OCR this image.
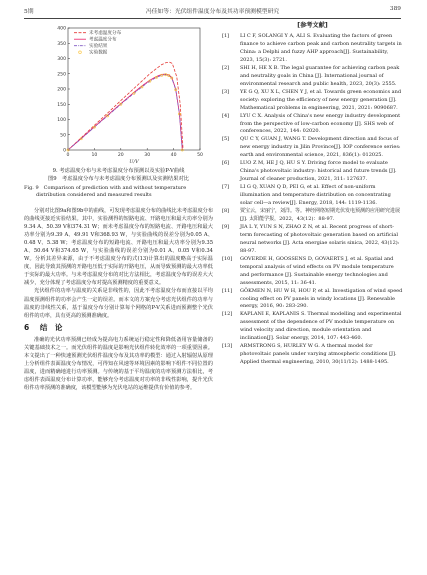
5期	冯佳如等：光伏组件温度分布及其功率预测模型研究	389
0
50
100
150
200
250
300
350
400
0	10	20	30	40	50
U/V
未考虑温度分布
考虑温度分布
实验结果
实验数据

9. 考虑温度分布与未考虑温度分布预测以及实验P-V曲线

图9　考虑温度分布与未考虑温度分布预测以及实测结果对比

Fig. 9　Comparison of prediction with and without temperature

distribution considered and measured results

分别对比图9a和图9b中的曲线，可发现考虑温度分布的曲线比未考虑温度分布的曲线更接近实验结果。其中，实验测得的短路电流、开路电压和最大功率分别为9.34 A、50.39 V和374.31 W；而未考虑温度分布的短路电流、开路电压和最大功率分别为9.39 A、49.91 V和368.93 W，与实验曲线的误差分别为0.05 A、0.48 V、5.38 W；考虑温度分布的短路电流、开路电压和最大功率分别为9.35 A、50.64 V和374.65 W，与实验曲线的误差分别为0.01 A、0.05 V和0.34 W。分析其差异来源，由于不考虑温度分布的式(13)计算出的温度略高于实际温度，因此导致其预测的开路电压低于实际的开路电压，从而导致预测的最大功率低于实际的最大功率。与未考虑温度分布的对比方法相比，考虑温度分布的误差大大减少，充分体现了考虑温度分布对提高预测精度的重要意义。

光伏组件的功率与温度的关系是非线性的，因此不考虑温度分布而直接以平均温度预测组件的功率会产生一定的误差。而本文的方案充分考虑光伏组件的功率与温度的非线性关系，基于温度分布分别计算每个网格的P-V关系进而预测整个光伏组件的功率，具有更高的预测准确度。

6 结　论

准确的光伏功率预测已经成为提高电力系统运行稳定性和降低备用容量储备的关键基础技术之一。而光伏组件的温度是影响光伏组件转化效率的一项重要因素。本文提出了一种快速预测光伏组件温度分布及其功率的模型：通过入射辐射从原理上分析组件表面温度分布情况，可得知在风速等环境因素的影响下组件不同位置的温度，进而精确地进行功率预测。与传统的基于平均温度的功率预测方法相比，考虑组件表面温度分布计算功率，能够充分考虑温度对功率的非线性影响，提升光伏组件功率预测的准确度，该模型能够为光伏电站的运维提供有价值的参考。

[参考文献]

[1] LI C F, SOLANGI Y A, ALI S. Evaluating the factors of green finance to achieve carbon peak and carbon neutrality targets in China: a Delphi and fuzzy AHP approach[J]. Sustainability, 2023, 15(3): 2721.

[2] SHI H, HE X B. The legal guarantee for achieving carbon peak and neutrality goals in China [J]. International journal of environmental research and public health, 2023, 20(3): 2555.

[3] YE G Q, XU X L, CHEN Y J, et al. Towards green economics and society: exploring the efficiency of new energy generation [J]. Mathematical problems in engineering, 2021, 2021: 9090687.

[4] LYU C X. Analysis of China's new energy industry development from the perspective of low-carbon economy [J]. SHS web of conferences, 2022, 144: 02020.

[5] QU C Y, GUAN J, WANG T. Development direction and focus of new energy industry in Jilin Province[J]. IOP conference series: earth and environmental science, 2021, 836(1): 012025.

[6] LUO Z M, HE J Q, HU S Y. Driving force model to evaluate China's photovoltaic industry: historical and future trends [J]. Journal of cleaner production, 2021, 311: 127637.

[7] LI G Q, XUAN Q D, PEI G, et al. Effect of non-uniform illumination and temperature distribution on concentrating solar cell—a review[J]. Energy, 2018, 144: 1119-1136.

[8] 贾宝云，宋丽宁，刘洋。等。神经网络短期光伏发电预测的应用研究进展[J]. 太阳能学报，2022，43(12)：88-97.

[9] JIA L Y, YUN S N, ZHAO Z N, et al. Recent progress of short-term forecasting of photovoltaic generation based on artificial neural networks [J]. Acta energiae solaris sinica, 2022, 43(12): 88-97.

[10] GOVERDE H, GOOSSENS D, GOVAERTS J, et al. Spatial and temporal analysis of wind effects on PV module temperature and performance [J]. Sustainable energy technologies and assessments, 2015, 11: 36-41.

[11] GÖKMEN N, HU W H, HOU P, et al. Investigation of wind speed cooling effect on PV panels in windy locations [J]. Renewable energy, 2016, 90: 283-290.

[12] KAPLANI E, KAPLANIS S. Thermal modelling and experimental assessment of the dependence of PV module temperature on wind velocity and direction, module orientation and inclination[J]. Solar energy, 2014, 107: 443-460.

[13] ARMSTRONG S, HURLEY W G. A thermal model for photovoltaic panels under varying atmospheric conditions [J]. Applied thermal engineering, 2010, 30(11/12): 1488-1495.
